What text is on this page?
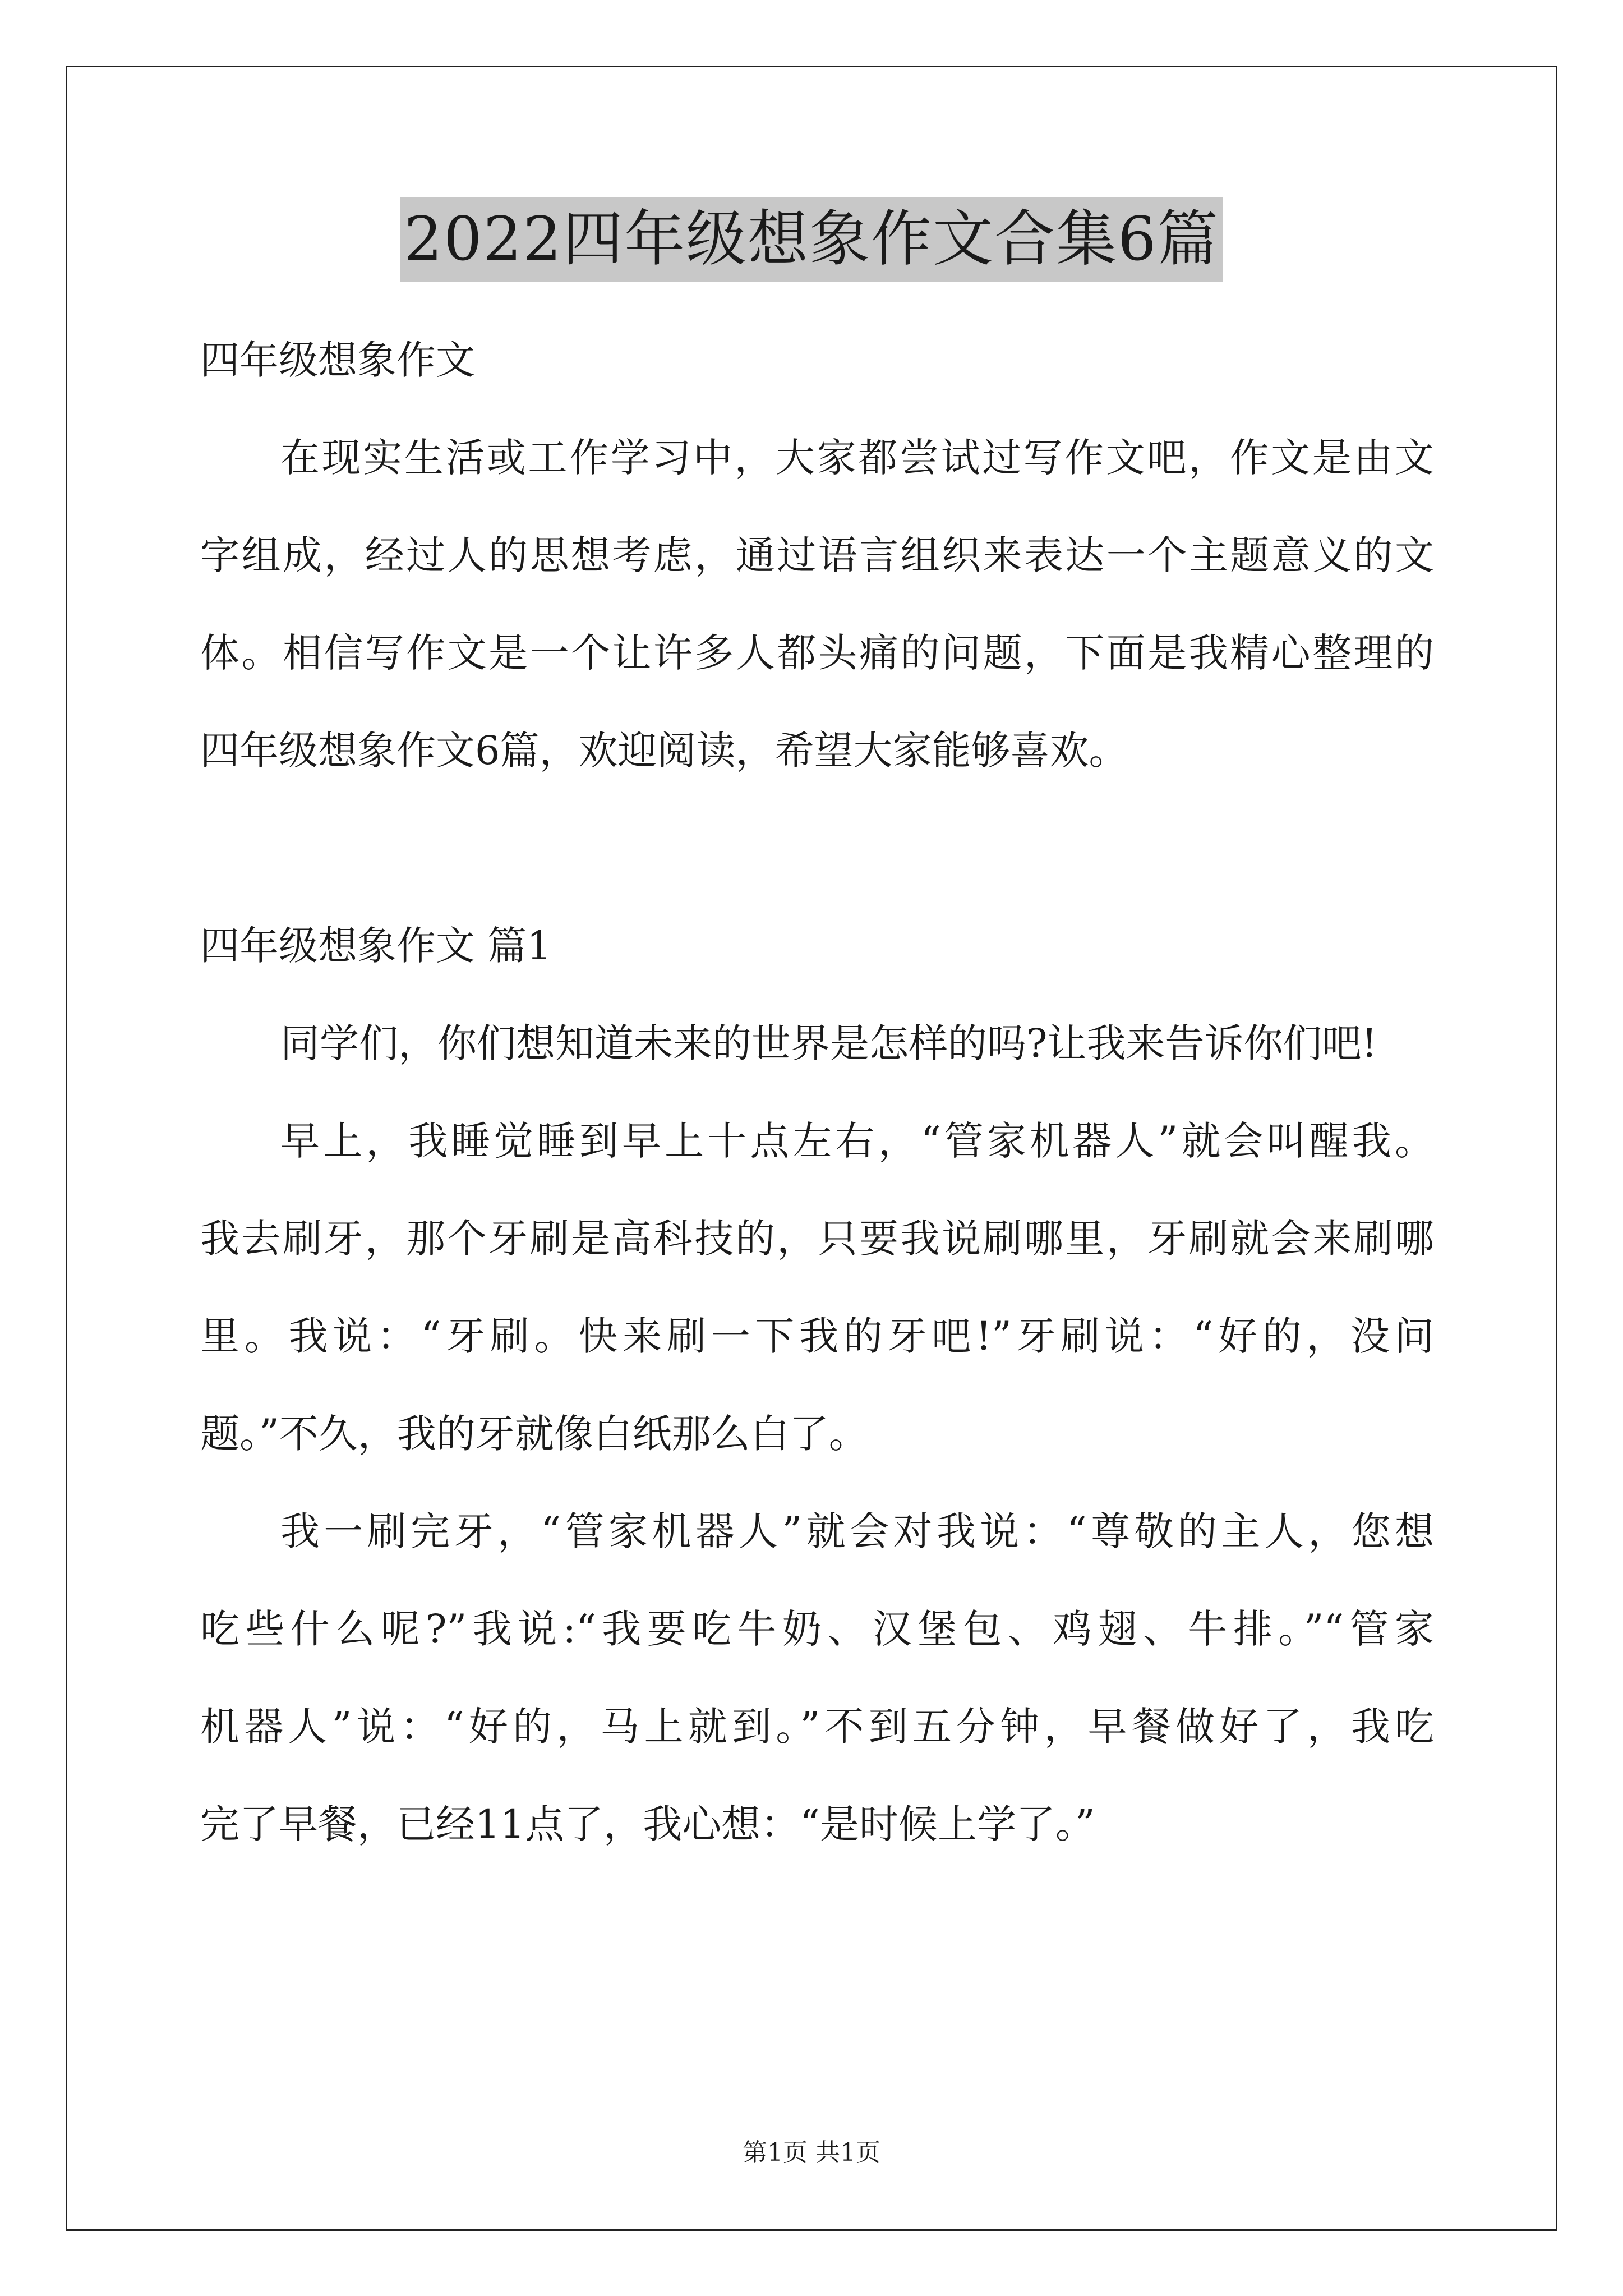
2022四年级想象作文合集6篇
四年级想象作文
在现实生活或工作学习中，大家都尝试过写作文吧，作文是由文
字组成，经过人的思想考虑，通过语言组织来表达一个主题意义的文
体。相信写作文是一个让许多人都头痛的问题，下面是我精心整理的
四年级想象作文6篇，欢迎阅读，希望大家能够喜欢。
四年级想象作文 篇1
同学们，你们想知道未来的世界是怎样的吗?让我来告诉你们吧!
早上，我睡觉睡到早上十点左右，“管家机器人”就会叫醒我。
我去刷牙，那个牙刷是高科技的，只要我说刷哪里，牙刷就会来刷哪
里。我说：“牙刷。快来刷一下我的牙吧!”牙刷说：“好的，没问
题。”不久，我的牙就像白纸那么白了。
我一刷完牙，“管家机器人”就会对我说：“尊敬的主人，您想
吃些什么呢?”我说:“我要吃牛奶、汉堡包、鸡翅、牛排。”“管家
机器人”说：“好的，马上就到。”不到五分钟，早餐做好了，我吃
完了早餐，已经11点了，我心想：“是时候上学了。”
第1页 共1页
